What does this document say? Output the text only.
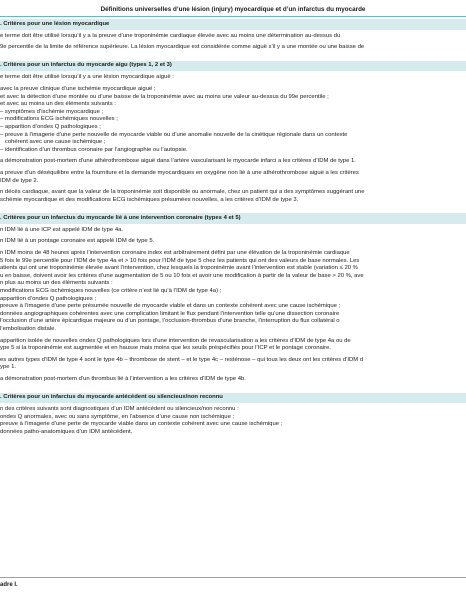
Définitions universelles d’une lésion (injury) myocardique et d’un infarctus du myocarde
. Critères pour une lésion myocardique
e terme doit être utilisé lorsqu’il y a la preuve d’une troponinémie cardiaque élevée avec au moins une détermination au-dessus du
9e percentile de la limite de référence supérieure. La lésion myocardique est considérée comme aiguë s’il y a une montée ou une baisse de
. Critères pour un infarctus du myocarde aigu (types 1, 2 et 3)
e terme doit être utilisé lorsqu’il y a une lésion myocardique aiguë :
avec la preuve clinique d’une ischémie myocardique aiguë ;
et avec la détection d’une montée ou d’une baisse de la troponinémie avec au moins une valeur au-dessus du 99e percentile ;
et avec au moins un des éléments suivants :
– symptômes d’ischémie myocardique ;
– modifications ECG ischémiques nouvelles ;
– apparition d’ondes Q pathologiques ;
– preuve à l’imagerie d’une perte nouvelle de myocarde viable ou d’une anomalie nouvelle de la cinétique régionale dans un contexte
cohérent avec une cause ischémique ;
– identification d’un thrombus coronaire par l’angiographie ou l’autopsie.
a démonstration post-mortem d’une athérothrombose aiguë dans l’artère vascularisant le myocarde infarci a les critères d’IDM de type 1.
a preuve d’un déséquilibre entre la fourniture et la demande myocardiques en oxygène non lié à une athérothrombose aiguë a les critères
IDM de type 2.
n décès cardiaque, avant que la valeur de la troponinémie soit disponible ou anormale, chez un patient qui a des symptômes suggérant une
schémie myocardique et des modifications ECG ischémiques présumées nouvelles, a les critères d’IDM de type 3.
. Critères pour un infarctus du myocarde lié à une intervention coronaire (types 4 et 5)
n IDM lié à une ICP est appelé IDM de type 4a.
n IDM lié à un pontage coronaire est appelé IDM de type 5.
n IDM moins de 48 heures après l’intervention coronaire index est arbitrairement défini par une élévation de la troponinémie cardiaque
5 fois le 99e percentile pour l’IDM de type 4a et > 10 fois pour l’IDM de type 5 chez les patients qui ont des valeurs de base normales. Les
atients qui ont une troponinémie élevée avant l’intervention, chez lesquels la troponinémie avant l’intervention est stable (variation ≤ 20 %
u en baisse, doivent avoir les critères d’une augmentation de 5 ou 10 fois et avoir une modification à partir de la valeur de base > 20 %, ave
n plus au moins un des éléments suivants :
modifications ECG ischémiques nouvelles (ce critère n’est lié qu’à l’IDM de type 4a) ;
apparition d’ondes Q pathologiques ;
preuve à l’imagerie d’une perte présumée nouvelle de myocarde viable et dans un contexte cohérent avec une cause ischémique ;
données angiographiques cohérentes avec une complication limitant le flux pendant l’intervention telle qu’une dissection coronaire
l’occlusion d’une artère épicardique majeure ou d’un pontage, l’occlusion-thrombus d’une branche, l’interruption du flux collatéral o
l’embolisation distale.
apparition isolée de nouvelles ondes Q pathologiques lors d’une intervention de revascularisation a les critères d’IDM de type 4a ou de
ype 5 si la troponinémie est augmentée et en hausse mais moins que les seuils préspécifiés pour l’ICP et le pontage coronaire.
es autres types d’IDM de type 4 sont le type 4b – thrombose de stent – et le type 4c – resténose – qui tous les deux ont les critères d’IDM d
ype 1.
a démonstration post-mortem d’un thrombus lié à l’intervention a les critères d’IDM de type 4b.
. Critères pour un infarctus du myocarde antécédent ou silencieux/non reconnu
n des critères suivants sont diagnostiques d’un IDM antécédent ou silencieux/non reconnu :
ondes Q anormales, avec ou sans symptôme, en l’absence d’une cause non ischémique ;
preuve à l’imagerie d’une perte de myocarde viable dans un contexte cohérent avec une cause ischémique ;
données patho-anatomiques d’un IDM antécédent.
adre I.
